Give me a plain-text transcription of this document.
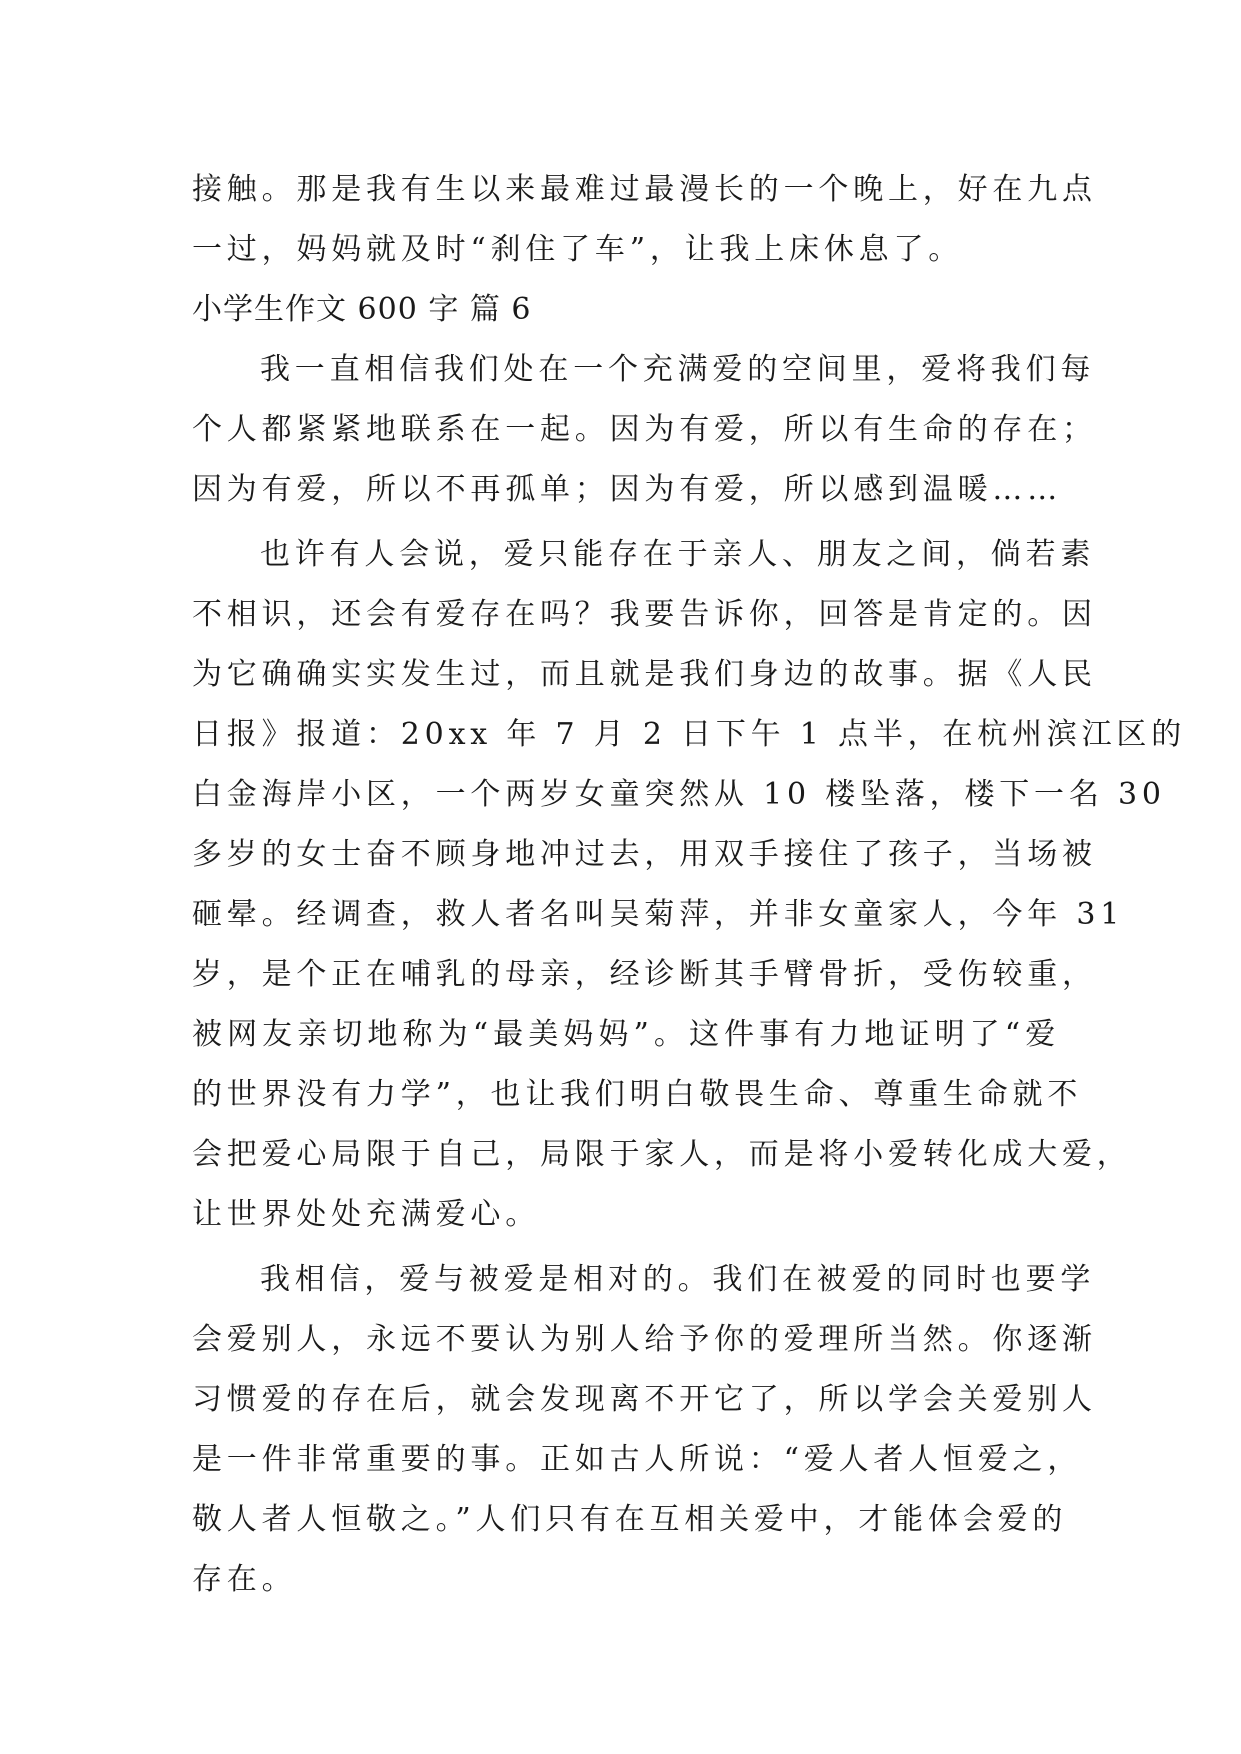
接触。那是我有生以来最难过最漫长的一个晚上，好在九点
一过，妈妈就及时“刹住了车”，让我上床休息了。

小学生作文 600 字 篇 6

我一直相信我们处在一个充满爱的空间里，爱将我们每
个人都紧紧地联系在一起。因为有爱，所以有生命的存在；
因为有爱，所以不再孤单；因为有爱，所以感到温暖……

也许有人会说，爱只能存在于亲人、朋友之间，倘若素
不相识，还会有爱存在吗？我要告诉你，回答是肯定的。因
为它确确实实发生过，而且就是我们身边的故事。据《人民
日报》报道：20xx 年 7 月 2 日下午 1 点半，在杭州滨江区的
白金海岸小区，一个两岁女童突然从 10 楼坠落，楼下一名 30
多岁的女士奋不顾身地冲过去，用双手接住了孩子，当场被
砸晕。经调查，救人者名叫吴菊萍，并非女童家人，今年 31
岁，是个正在哺乳的母亲，经诊断其手臂骨折，受伤较重，
被网友亲切地称为“最美妈妈”。这件事有力地证明了“爱
的世界没有力学”，也让我们明白敬畏生命、尊重生命就不
会把爱心局限于自己，局限于家人，而是将小爱转化成大爱，
让世界处处充满爱心。

我相信，爱与被爱是相对的。我们在被爱的同时也要学
会爱别人，永远不要认为别人给予你的爱理所当然。你逐渐
习惯爱的存在后，就会发现离不开它了，所以学会关爱别人
是一件非常重要的事。正如古人所说：“爱人者人恒爱之，
敬人者人恒敬之。”人们只有在互相关爱中，才能体会爱的
存在。
